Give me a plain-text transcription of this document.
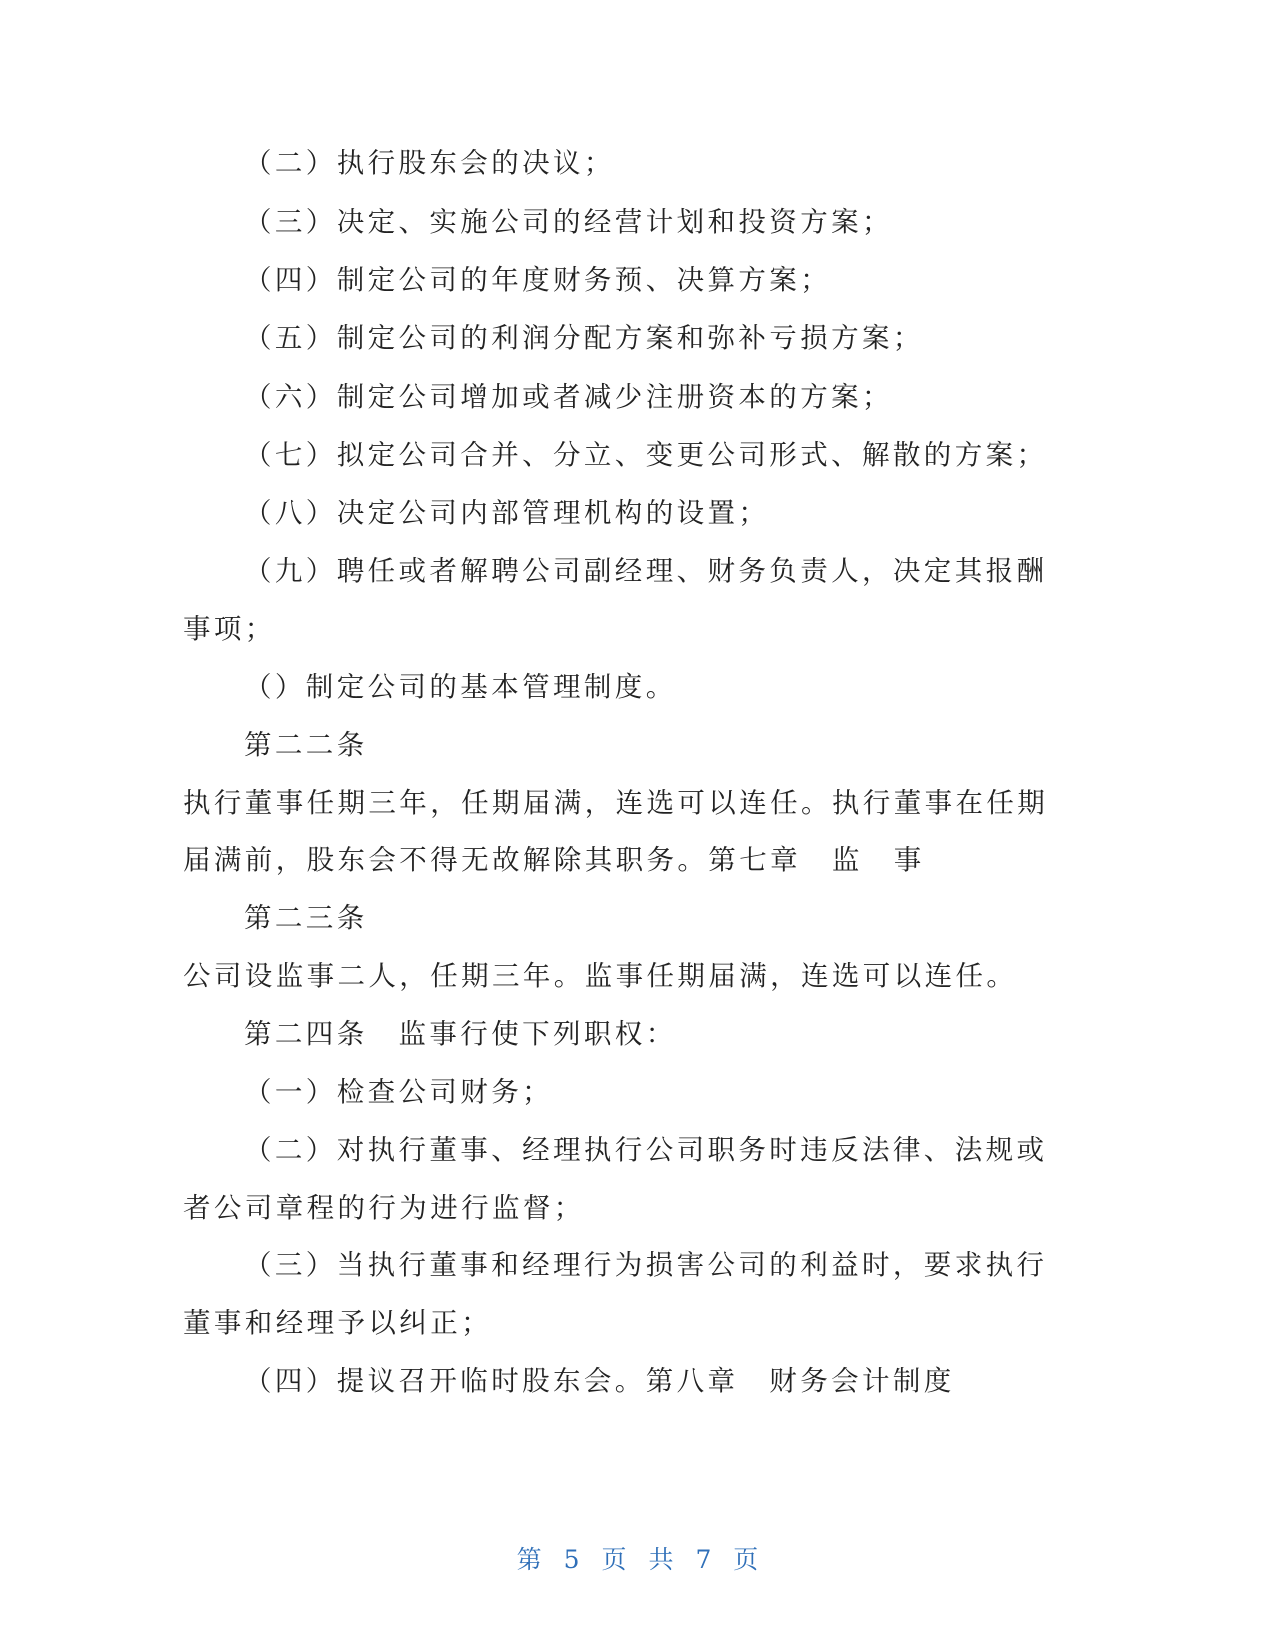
（二）执行股东会的决议；
（三）决定、实施公司的经营计划和投资方案；
（四）制定公司的年度财务预、决算方案；
（五）制定公司的利润分配方案和弥补亏损方案；
（六）制定公司增加或者减少注册资本的方案；
（七）拟定公司合并、分立、变更公司形式、解散的方案；
（八）决定公司内部管理机构的设置；
（九）聘任或者解聘公司副经理、财务负责人，决定其报酬
事项；
（）制定公司的基本管理制度。
第二二条
执行董事任期三年，任期届满，连选可以连任。执行董事在任期
届满前，股东会不得无故解除其职务。第七章　监　事
第二三条
公司设监事二人，任期三年。监事任期届满，连选可以连任。
第二四条　监事行使下列职权：
（一）检查公司财务；
（二）对执行董事、经理执行公司职务时违反法律、法规或
者公司章程的行为进行监督；
（三）当执行董事和经理行为损害公司的利益时，要求执行
董事和经理予以纠正；
（四）提议召开临时股东会。第八章　财务会计制度
第 5 页 共 7 页
